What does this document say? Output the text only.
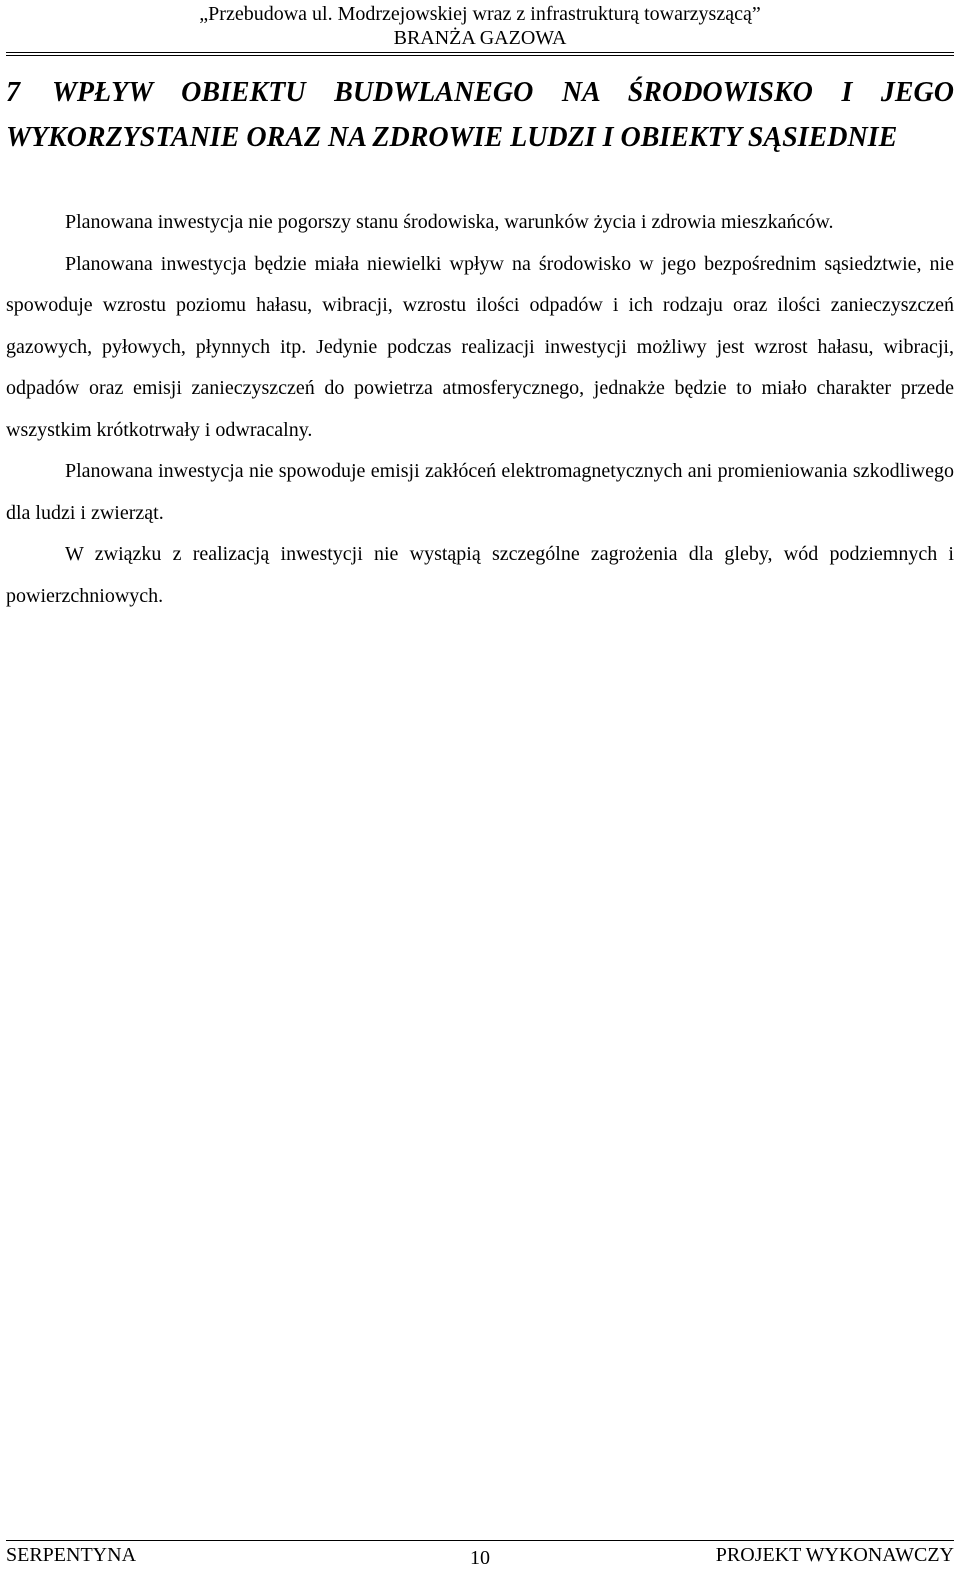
„Przebudowa ul. Modrzejowskiej wraz z infrastrukturą towarzyszącą”
BRANŻA GAZOWA
7 WPŁYW OBIEKTU BUDWLANEGO NA ŚRODOWISKO I JEGO WYKORZYSTANIE ORAZ NA ZDROWIE LUDZI I OBIEKTY SĄSIEDNIE

Planowana inwestycja nie pogorszy stanu środowiska, warunków życia i zdrowia mieszkańców.

Planowana inwestycja będzie miała niewielki wpływ na środowisko w jego bezpośrednim sąsiedztwie, nie spowoduje wzrostu poziomu hałasu, wibracji, wzrostu ilości odpadów i ich rodzaju oraz ilości zanieczyszczeń gazowych, pyłowych, płynnych itp. Jedynie podczas realizacji inwestycji możliwy jest wzrost hałasu, wibracji, odpadów oraz emisji zanieczyszczeń do powietrza atmosferycznego, jednakże będzie to miało charakter przede wszystkim krótkotrwały i odwracalny.

Planowana inwestycja nie spowoduje emisji zakłóceń elektromagnetycznych ani promieniowania szkodliwego dla ludzi i zwierząt.

W związku z realizacją inwestycji nie wystąpią szczególne zagrożenia dla gleby, wód podziemnych i powierzchniowych.

SERPENTYNA	10	PROJEKT WYKONAWCZY
